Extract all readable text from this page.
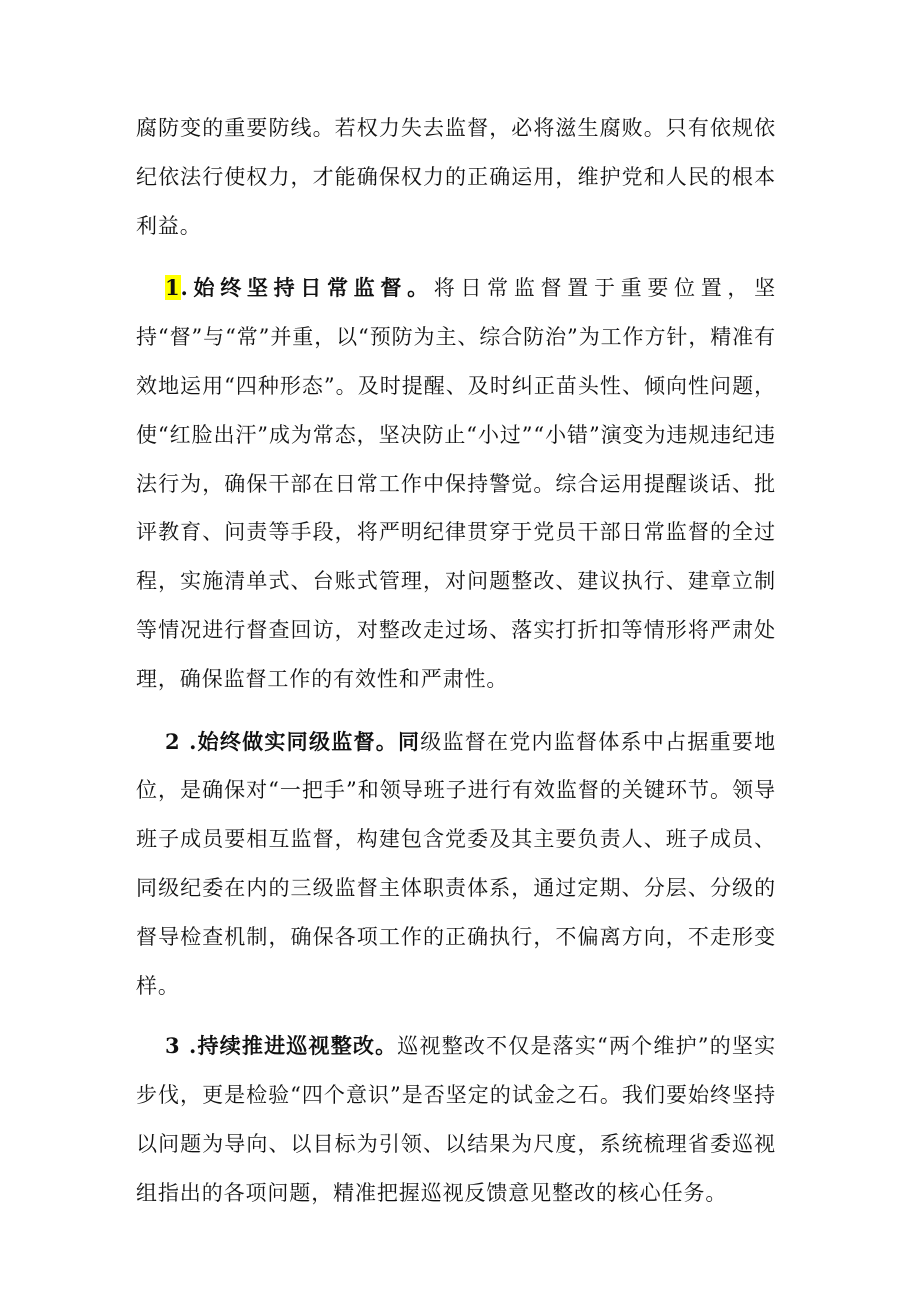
腐防变的重要防线。若权力失去监督，必将滋生腐败。只有依规依纪依法行使权力，才能确保权力的正确运用，维护党和人民的根本利益。

1.始终坚持日常监督。将日常监督置于重要位置，坚持“督”与“常”并重，以“预防为主、综合防治”为工作方针，精准有效地运用“四种形态”。及时提醒、及时纠正苗头性、倾向性问题，使“红脸出汗”成为常态，坚决防止“小过”“小错”演变为违规违纪违法行为，确保干部在日常工作中保持警觉。综合运用提醒谈话、批评教育、问责等手段，将严明纪律贯穿于党员干部日常监督的全过程，实施清单式、台账式管理，对问题整改、建议执行、建章立制等情况进行督查回访，对整改走过场、落实打折扣等情形将严肃处理，确保监督工作的有效性和严肃性。

2 .始终做实同级监督。同级监督在党内监督体系中占据重要地位，是确保对“一把手”和领导班子进行有效监督的关键环节。领导班子成员要相互监督，构建包含党委及其主要负责人、班子成员、同级纪委在内的三级监督主体职责体系，通过定期、分层、分级的督导检查机制，确保各项工作的正确执行，不偏离方向，不走形变样。

3 .持续推进巡视整改。巡视整改不仅是落实“两个维护”的坚实步伐，更是检验“四个意识”是否坚定的试金之石。我们要始终坚持以问题为导向、以目标为引领、以结果为尺度，系统梳理省委巡视组指出的各项问题，精准把握巡视反馈意见整改的核心任务。
